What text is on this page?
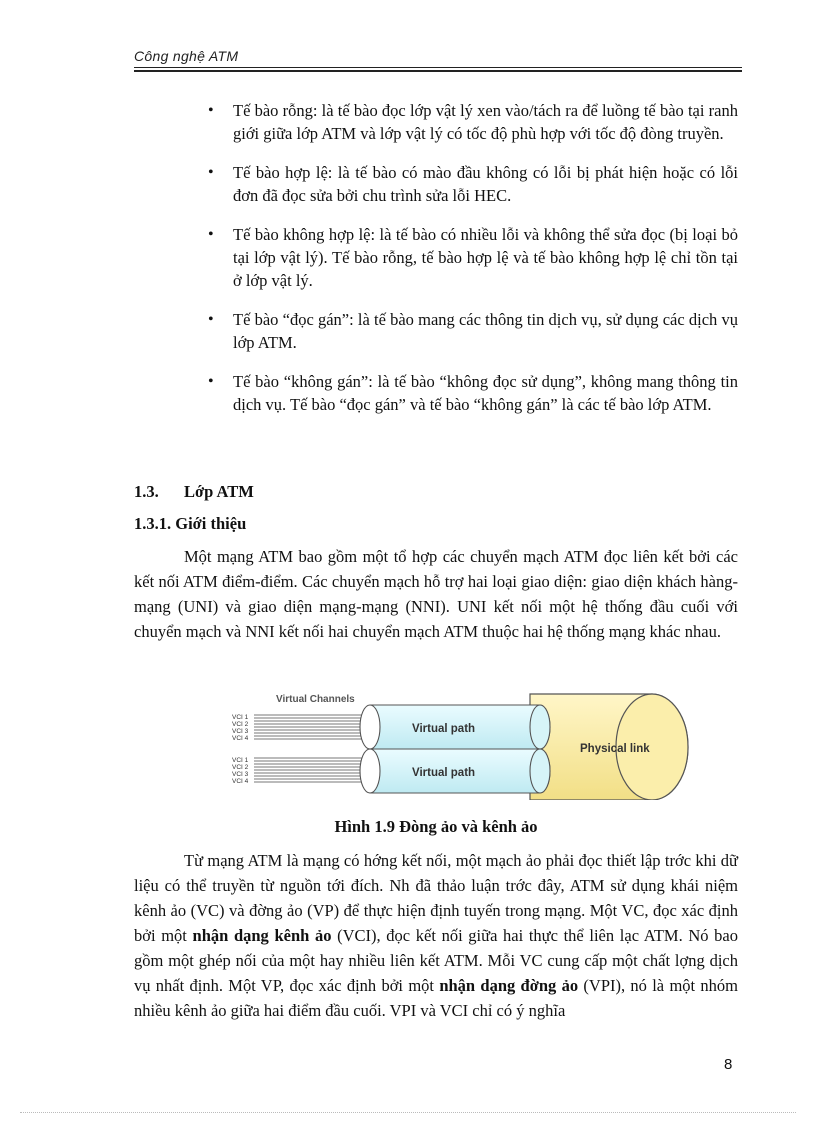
Công nghệ ATM
• Tế bào rỗng: là tế bào đọc lớp vật lý xen vào/tách ra để luồng tế bào tại ranh giới giữa lớp ATM và lớp vật lý có tốc độ phù hợp với tốc độ đòng truyền.
• Tế bào hợp lệ: là tế bào có mào đầu không có lỗi bị phát hiện hoặc có lỗi đơn đã đọc sửa bởi chu trình sửa lỗi HEC.
• Tế bào không hợp lệ: là tế bào có nhiều lỗi và không thể sửa đọc (bị loại bỏ tại lớp vật lý). Tế bào rỗng, tế bào hợp lệ và tế bào không hợp lệ chỉ tồn tại ở lớp vật lý.
• Tế bào “đọc gán”: là tế bào mang các thông tin dịch vụ, sử dụng các dịch vụ lớp ATM.
• Tế bào “không gán”: là tế bào “không đọc sử dụng”, không mang thông tin dịch vụ. Tế bào “đọc gán” và tế bào “không gán” là các tế bào lớp ATM.
1.3. Lớp ATM
1.3.1. Giới thiệu

Một mạng ATM bao gồm một tổ hợp các chuyển mạch ATM đọc liên kết bởi các kết nối ATM điểm-điểm. Các chuyển mạch hỗ trợ hai loại giao diện: giao diện khách hàng-mạng (UNI) và giao diện mạng-mạng (NNI). UNI kết nối một hệ thống đầu cuối với chuyển mạch và NNI kết nối hai chuyển mạch ATM thuộc hai hệ thống mạng khác nhau.

Virtual Channels
Physical link
VCI 1
VCI 2
VCI 3
VCI 4
VCI 1
VCI 2
VCI 3
VCI 4
Virtual path
Virtual path
Hình 1.9 Đòng ảo và kênh ảo

Từ mạng ATM là mạng có hớng kết nối, một mạch ảo phải đọc thiết lập trớc khi dữ liệu có thể truyền từ nguồn tới đích. Nh đã thảo luận trớc đây, ATM sử dụng khái niệm kênh ảo (VC) và đờng ảo (VP) để thực hiện định tuyến trong mạng. Một VC, đọc xác định bởi một nhận dạng kênh ảo (VCI), đọc kết nối giữa hai thực thể liên lạc ATM. Nó bao gồm một ghép nối của một hay nhiều liên kết ATM. Mỗi VC cung cấp một chất lợng dịch vụ nhất định. Một VP, đọc xác định bởi một nhận dạng đờng ảo (VPI), nó là một nhóm nhiều kênh ảo giữa hai điểm đầu cuối. VPI và VCI chỉ có ý nghĩa

8
